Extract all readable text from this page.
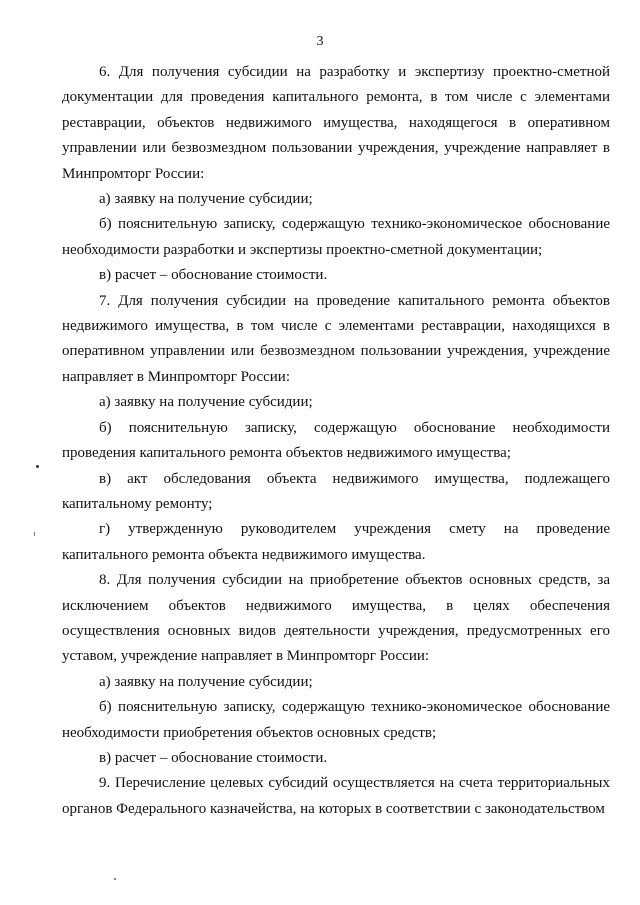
3

6. Для получения субсидии на разработку и экспертизу проектно-сметной документации для проведения капитального ремонта, в том числе с элементами реставрации, объектов недвижимого имущества, находящегося в оперативном управлении или безвозмездном пользовании учреждения, учреждение направляет в Минпромторг России:

а) заявку на получение субсидии;

б) пояснительную записку, содержащую технико-экономическое обоснование необходимости разработки и экспертизы проектно-сметной документации;

в) расчет – обоснование стоимости.

7. Для получения субсидии на проведение капитального ремонта объектов недвижимого имущества, в том числе с элементами реставрации, находящихся в оперативном управлении или безвозмездном пользовании учреждения, учреждение направляет в Минпромторг России:

а) заявку на получение субсидии;

б) пояснительную записку, содержащую обоснование необходимости проведения капитального ремонта объектов недвижимого имущества;

в) акт обследования объекта недвижимого имущества, подлежащего капитальному ремонту;

г) утвержденную руководителем учреждения смету на проведение капитального ремонта объекта недвижимого имущества.

8. Для получения субсидии на приобретение объектов основных средств, за исключением объектов недвижимого имущества, в целях обеспечения осуществления основных видов деятельности учреждения, предусмотренных его уставом, учреждение направляет в Минпромторг России:

а) заявку на получение субсидии;

б) пояснительную записку, содержащую технико-экономическое обоснование необходимости приобретения объектов основных средств;

в) расчет – обоснование стоимости.

9. Перечисление целевых субсидий осуществляется на счета территориальных органов Федерального казначейства, на которых в соответствии с законодательством
